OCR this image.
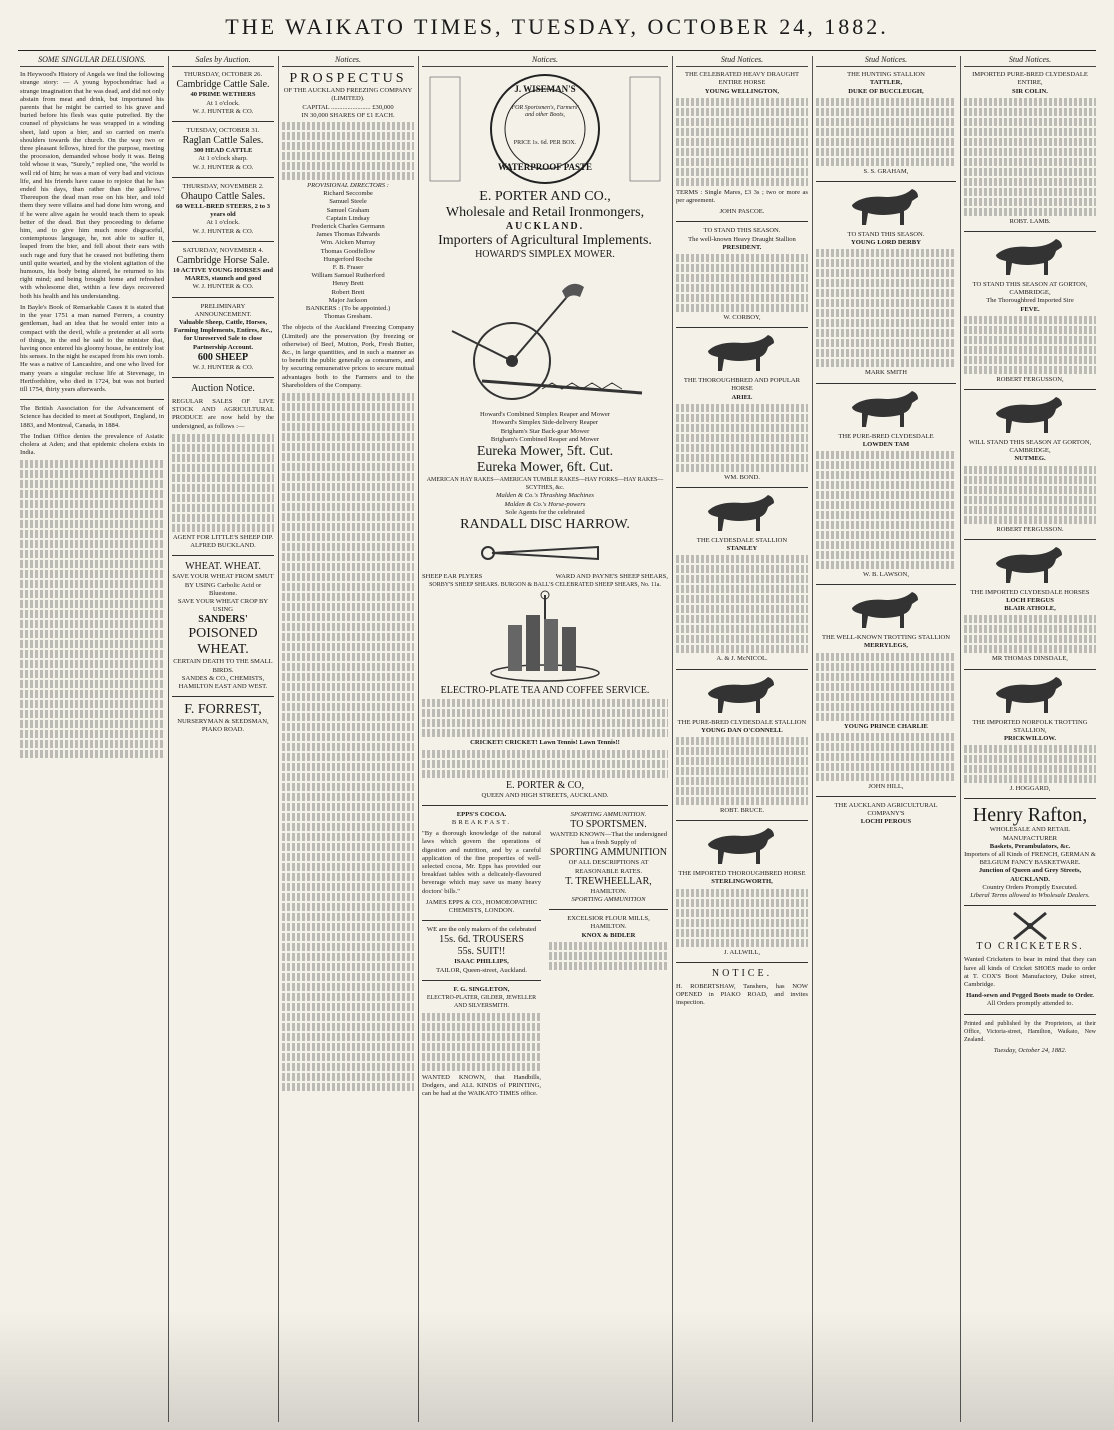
THE WAIKATO TIMES, TUESDAY, OCTOBER 24, 1882.
SOME SINGULAR DELUSIONS.
In Heywood's History of Angels we find the following strange story: — A young hypochondriac had a strange imagination that he was dead, and did not only abstain from meat and drink, but importuned his parents that he might be carried to his grave and buried before his flesh was quite putrefied. By the counsel of physicians he was wrapped in a winding sheet, laid upon a bier, and so carried on men's shoulders towards the church. On the way two or three pleasant fellows, hired for the purpose, meeting the procession, demanded whose body it was. Being told whose it was, "Surely," replied one, "the world is well rid of him; he was a man of very bad and vicious life, and his friends have cause to rejoice that he has ended his days, than rather than the gallows." Thereupon the dead man rose on his bier, and told them they were villains and had done him wrong, and if he were alive again he would teach them to speak better of the dead. But they proceeding to defame him, and to give him much more disgraceful, contemptuous language, he, not able to suffer it, leaped from the bier, and fell about their ears with such rage and fury that he ceased not buffeting them until quite wearied, and by the violent agitation of the humours, his body being altered, he returned to his right mind; and being brought home and refreshed with wholesome diet, within a few days recovered both his health and his understanding.
In Bayle's Book of Remarkable Cases it is stated that in the year 1751 a man named Ferrers, a country gentleman, had an idea that he would enter into a compact with the devil, while a pretender at all sorts of things, in the end he said to the minister that, having once entered his gloomy house, he entirely lost his senses. In the night he escaped from his own tomb. He was a native of Lancashire, and one who lived for many years a singular recluse life at Stevenage, in Hertfordshire, who died in 1724, but was not buried till 1754, thirty years afterwards.
The British Association for the Advancement of Science has decided to meet at Southport, England, in 1883, and Montreal, Canada, in 1884.
The Indian Office denies the prevalence of Asiatic cholera at Aden; and that epidemic cholera exists in India.
Sales by Auction.
THURSDAY, OCTOBER 26.
Cambridge Cattle Sale.
40 PRIME WETHERS
At 1 o'clock.
W. J. HUNTER & CO.
TUESDAY, OCTOBER 31.
Raglan Cattle Sales.
300 HEAD CATTLE
At 1 o'clock sharp.
W. J. HUNTER & CO.
THURSDAY, NOVEMBER 2.
Ohaupo Cattle Sales.
60 WELL-BRED STEERS, 2 to 3 years old
At 1 o'clock.
W. J. HUNTER & CO.
SATURDAY, NOVEMBER 4.
Cambridge Horse Sale.
10 ACTIVE YOUNG HORSES and MARES, staunch and good
W. J. HUNTER & CO.
PRELIMINARY ANNOUNCEMENT.
Valuable Sheep, Cattle, Horses, Farming Implements, Entires, &c., for Unreserved Sale to close Partnership Account.
600 SHEEP
W. J. HUNTER & CO.
Auction Notice.
REGULAR SALES OF LIVE STOCK AND AGRICULTURAL PRODUCE are now held by the undersigned, as follows :—
AGENT FOR LITTLE'S SHEEP DIP.
ALFRED BUCKLAND.
WHEAT. WHEAT.
SAVE YOUR WHEAT FROM SMUT BY USING Carbolic Acid or Bluestone.
SAVE YOUR WHEAT CROP BY USING
SANDERS'
POISONED WHEAT.
CERTAIN DEATH TO THE SMALL BIRDS.
SANDES & CO., CHEMISTS, HAMILTON EAST AND WEST.
F. FORREST,
NURSERYMAN & SEEDSMAN, PIAKO ROAD.
Notices.
PROSPECTUS
OF THE AUCKLAND FREEZING COMPANY (LIMITED).
CAPITAL ........................ £30,000
IN 30,000 SHARES OF £1 EACH.
PROVISIONAL DIRECTORS :
Richard Seccombe
Samuel Steele
Samuel Graham
Captain Lindsay
Frederick Charles Germann
James Thomas Edwards
Wm. Aicken Murray
Thomas Goodfellow
Hungerford Roche
F. B. Fraser
William Samuel Rutherford
Henry Brett
Robert Brett
Major Jackson
BANKERS : (To be appointed.)
Thomas Gresham.
The objects of the Auckland Freezing Company (Limited) are the preservation (by freezing or otherwise) of Beef, Mutton, Pork, Fresh Butter, &c., in large quantities, and in such a manner as to benefit the public generally as consumers, and by securing remunerative prices to secure mutual advantages both to the Farmers and to the Shareholders of the Company.
Notices.
J. WISEMAN'S
FOR Sportsmen's, Farmers' and other Boots,
PRICE 1s. 6d. PER BOX.
WATERPROOF PASTE
E. PORTER AND CO.,
Wholesale and Retail Ironmongers,
AUCKLAND.
Importers of Agricultural Implements.
HOWARD'S SIMPLEX MOWER.
Howard's Combined Simplex Reaper and Mower
Howard's Simplex Side-delivery Reaper
Brigham's Star Back-gear Mower
Brigham's Combined Reaper and Mower
Eureka Mower, 5ft. Cut.
Eureka Mower, 6ft. Cut.
AMERICAN HAY RAKES—AMERICAN TUMBLE RAKES—HAY FORKS—HAY RAKES—SCYTHES, &c.
Malden & Co.'s Thrashing Machines
Malden & Co.'s Horse-powers
Sole Agents for the celebrated
RANDALL DISC HARROW.
SHEEP EAR PLYERS	WARD AND PAYNE'S SHEEP SHEARS,
SORBY'S SHEEP SHEARS. BURGON & BALL'S CELEBRATED SHEEP SHEARS, No. 11a.
ELECTRO-PLATE TEA AND COFFEE SERVICE.
CRICKET! CRICKET! Lawn Tennis! Lawn Tennis!!
E. PORTER & CO,
QUEEN AND HIGH STREETS, AUCKLAND.
EPPS'S COCOA.
BREAKFAST.
"By a thorough knowledge of the natural laws which govern the operations of digestion and nutrition, and by a careful application of the fine properties of well-selected cocoa, Mr. Epps has provided our breakfast tables with a delicately-flavoured beverage which may save us many heavy doctors' bills."
JAMES EPPS & CO., HOMOEOPATHIC CHEMISTS, LONDON.
WE are the only makers of the celebrated
15s. 6d. TROUSERS
55s. SUIT!!
ISAAC PHILLIPS,
TAILOR, Queen-street, Auckland.
F. G. SINGLETON,
ELECTRO-PLATER, GILDER, JEWELLER AND SILVERSMITH.
WANTED KNOWN, that Handbills, Dodgers, and ALL KINDS of PRINTING, can be had at the WAIKATO TIMES office.
SPORTING AMMUNITION.
TO SPORTSMEN.
WANTED KNOWN—That the undersigned has a fresh Supply of
SPORTING AMMUNITION
OF ALL DESCRIPTIONS AT
REASONABLE RATES.
T. TREWHEELLAR,
HAMILTON.
SPORTING AMMUNITION
EXCELSIOR FLOUR MILLS, HAMILTON.
KNOX & BIDLER
Stud Notices.
THE CELEBRATED HEAVY DRAUGHT ENTIRE HORSE
YOUNG WELLINGTON,
TERMS : Single Mares, £3 3s ; two or more as per agreement.
JOHN PASCOE.
TO STAND THIS SEASON.
The well-known Heavy Draught Stallion
PRESIDENT.
W. CORBOY,
THE THOROUGHBRED AND POPULAR HORSE
ARIEL
WM. BOND.
THE CLYDESDALE STALLION
STANLEY
A. & J. McNICOL.
THE PURE-BRED CLYDESDALE STALLION
YOUNG DAN O'CONNELL
ROBT. BRUCE.
THE IMPORTED THOROUGHBRED HORSE
STERLINGWORTH,
J. ALLWILL,
NOTICE.
H. ROBERTSHAW, Tanshers, has NOW OPENED in PIAKO ROAD, and invites inspection.
Stud Notices.
THE HUNTING STALLION
TATTLER,
DUKE OF BUCCLEUGH,
S. S. GRAHAM,
TO STAND THIS SEASON.
YOUNG LORD DERBY
MARK SMITH
THE PURE-BRED CLYDESDALE
LOWDEN TAM
W. B. LAWSON,
THE WELL-KNOWN TROTTING STALLION
MERRYLEGS,
YOUNG PRINCE CHARLIE
JOHN HILL,
THE AUCKLAND AGRICULTURAL COMPANY'S
LOCHI PEROUS
Stud Notices.
IMPORTED PURE-BRED CLYDESDALE ENTIRE,
SIR COLIN.
ROBT. LAMB.
TO STAND THIS SEASON AT GORTON, CAMBRIDGE,
The Thoroughbred Imported Sire
FEVE.
ROBERT FERGUSSON,
WILL STAND THIS SEASON AT GORTON, CAMBRIDGE,
NUTMEG.
ROBERT FERGUSSON.
THE IMPORTED CLYDESDALE HORSES
LOCH FERGUS
BLAIR ATHOLE,
MR THOMAS DINSDALE,
THE IMPORTED NORFOLK TROTTING STALLION,
PRICKWILLOW.
J. HOGGARD,
Henry Rafton,
WHOLESALE AND RETAIL MANUFACTURER
Baskets, Perambulators, &c.
Importers of all Kinds of FRENCH, GERMAN & BELGIUM FANCY BASKETWARE.
Junction of Queen and Grey Streets, AUCKLAND.
Country Orders Promptly Executed.
Liberal Terms allowed to Wholesale Dealers.
TO CRICKETERS.
Wanted Cricketers to bear in mind that they can have all kinds of Cricket SHOES made to order at T. COX'S Boot Manufactory, Duke street, Cambridge.
Hand-sewn and Pegged Boots made to Order.
All Orders promptly attended to.
Printed and published by the Proprietors, at their Office, Victoria-street, Hamilton, Waikato, New Zealand.
Tuesday, October 24, 1882.
